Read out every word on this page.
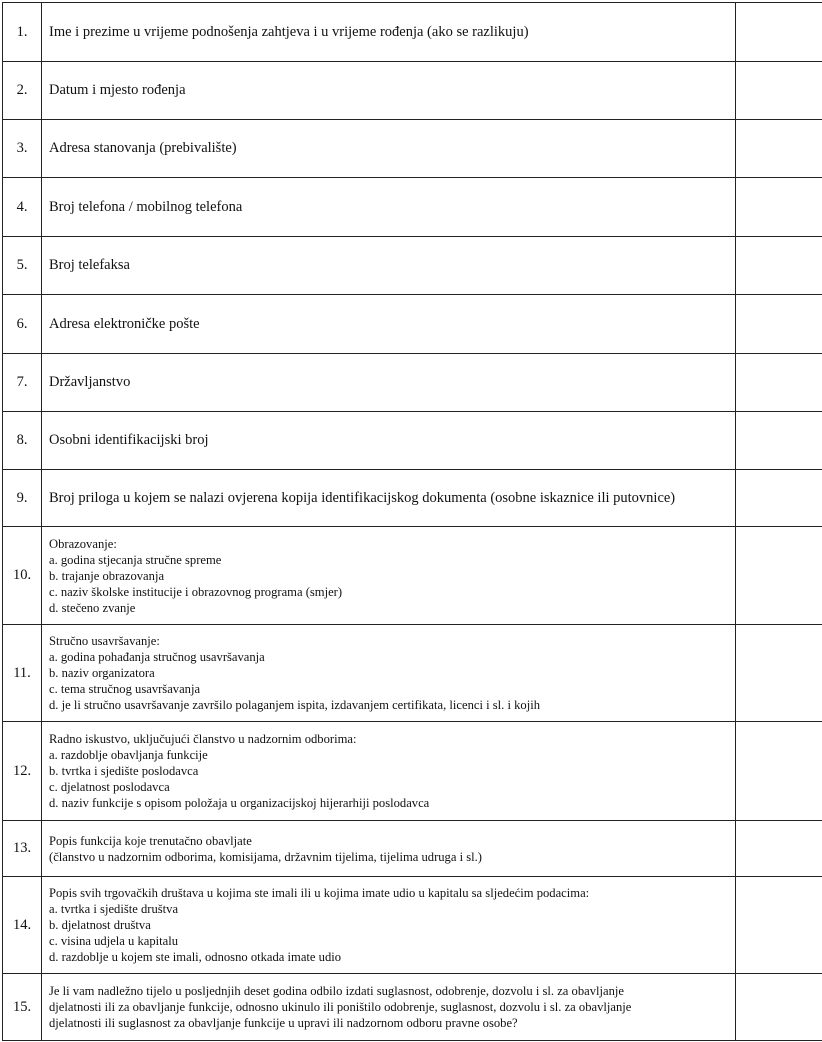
1.	Ime i prezime u vrijeme podnošenja zahtjeva i u vrijeme rođenja (ako se razlikuju)	

2.	Datum i mjesto rođenja	

3.	Adresa stanovanja (prebivalište)	

4.	Broj telefona / mobilnog telefona	

5.	Broj telefaksa	

6.	Adresa elektroničke pošte	

7.	Državljanstvo	

8.	Osobni identifikacijski broj	

9.	Broj priloga u kojem se nalazi ovjerena kopija identifikacijskog dokumenta (osobne iskaznice ili putovnice)	

10.	Obrazovanje:
a. godina stjecanja stručne spreme
b. trajanje obrazovanja
c. naziv školske institucije i obrazovnog programa (smjer)
d. stečeno zvanje	

11.	Stručno usavršavanje:
a. godina pohađanja stručnog usavršavanja
b. naziv organizatora
c. tema stručnog usavršavanja
d. je li stručno usavršavanje završilo polaganjem ispita, izdavanjem certifikata, licenci i sl. i kojih	

12.	Radno iskustvo, uključujući članstvo u nadzornim odborima:
a. razdoblje obavljanja funkcije
b. tvrtka i sjedište poslodavca
c. djelatnost poslodavca
d. naziv funkcije s opisom položaja u organizacijskoj hijerarhiji poslodavca	

13.	Popis funkcija koje trenutačno obavljate
(članstvo u nadzornim odborima, komisijama, državnim tijelima, tijelima udruga i sl.)	

14.	Popis svih trgovačkih društava u kojima ste imali ili u kojima imate udio u kapitalu sa sljedećim podacima:
a. tvrtka i sjedište društva
b. djelatnost društva
c. visina udjela u kapitalu
d. razdoblje u kojem ste imali, odnosno otkada imate udio	

15.	Je li vam nadležno tijelo u posljednjih deset godina odbilo izdati suglasnost, odobrenje, dozvolu i sl. za obavljanje
djelatnosti ili za obavljanje funkcije, odnosno ukinulo ili poništilo odobrenje, suglasnost, dozvolu i sl. za obavljanje
djelatnosti ili suglasnost za obavljanje funkcije u upravi ili nadzornom odboru pravne osobe?	
